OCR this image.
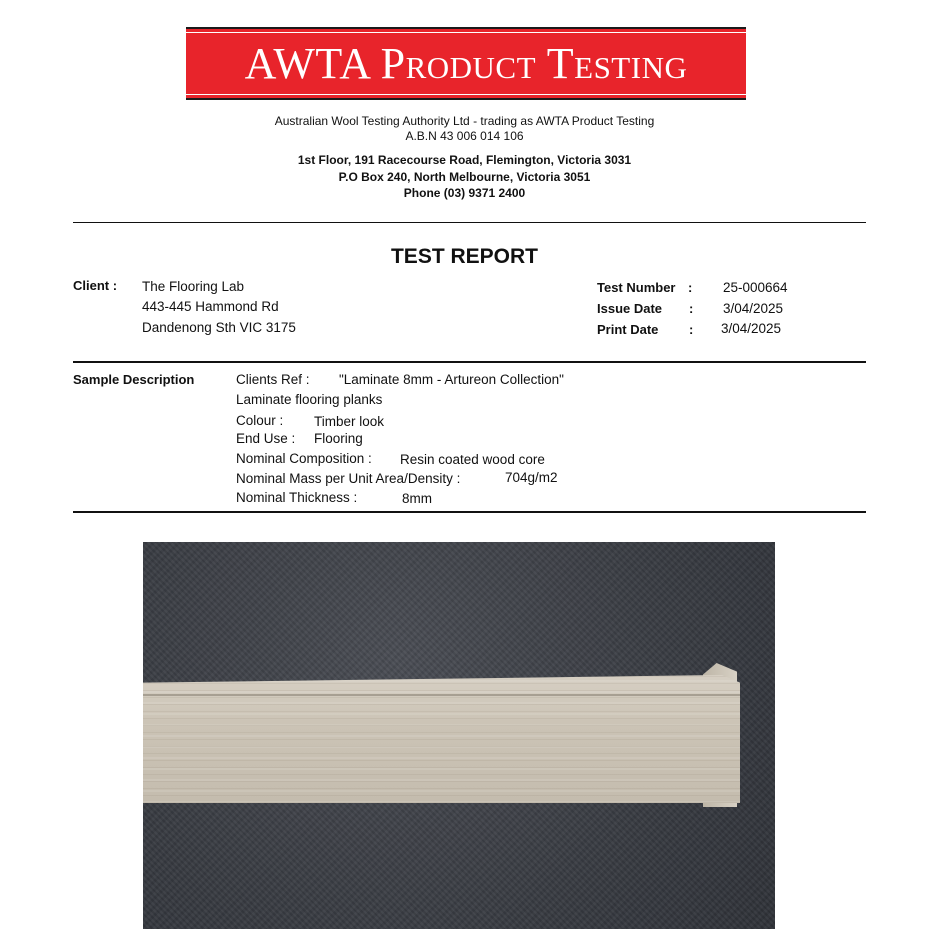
AWTA Product Testing
Australian Wool Testing Authority Ltd - trading as AWTA Product Testing
A.B.N 43 006 014 106
1st Floor, 191 Racecourse Road, Flemington, Victoria 3031
P.O Box 240, North Melbourne, Victoria 3051
Phone (03) 9371 2400
TEST REPORT
Client : The Flooring Lab
443-445 Hammond Rd
Dandenong Sth VIC 3175
Test Number : 25-000664
Issue Date : 3/04/2025
Print Date : 3/04/2025
Sample Description	Clients Ref : "Laminate 8mm - Artureon Collection"
Laminate flooring planks
Colour : Timber look
End Use : Flooring
Nominal Composition : Resin coated wood core
Nominal Mass per Unit Area/Density :	704g/m2
Nominal Thickness :	8mm
